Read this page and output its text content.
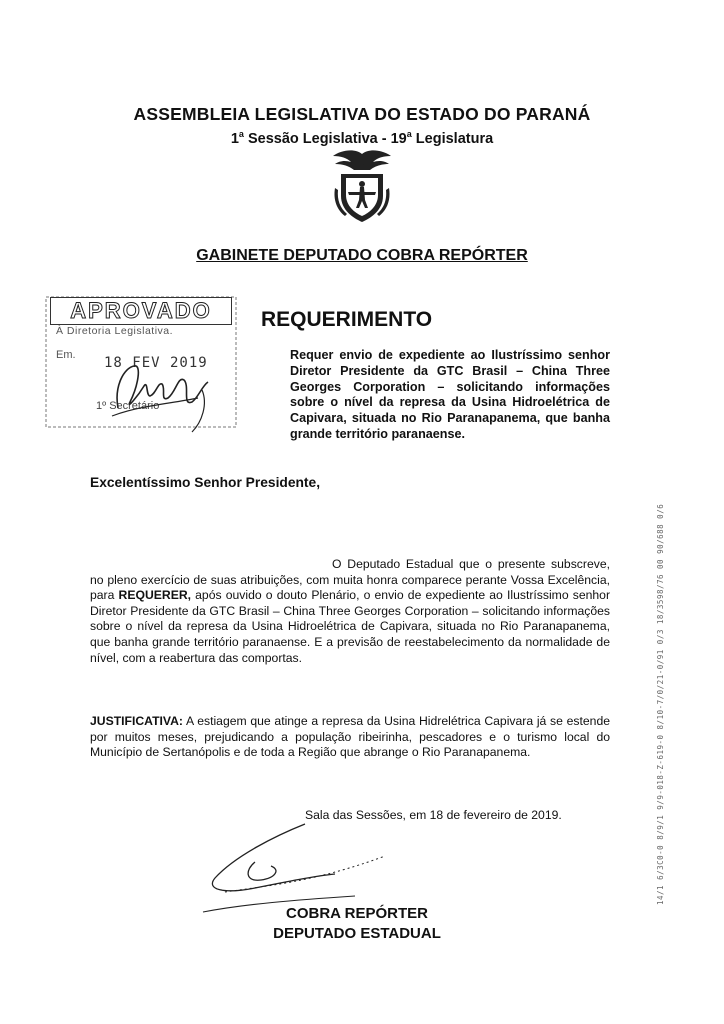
ASSEMBLEIA LEGISLATIVA DO ESTADO DO PARANÁ
1$^a$ Sessão Legislativa - 19$^a$ Legislatura
GABINETE DEPUTADO COBRA REPÓRTER
APROVADO
À Diretoria Legislativa.
Em. 18 FEV 2019
1º Secretário
REQUERIMENTO
Requer envio de expediente ao Ilustríssimo senhor Diretor Presidente da GTC Brasil – China Three Georges Corporation – solicitando informações sobre o nível da represa da Usina Hidroelétrica de Capivara, situada no Rio Paranapanema, que banha grande território paranaense.
Excelentíssimo Senhor Presidente,
O Deputado Estadual que o presente subscreve, no pleno exercício de suas atribuições, com muita honra comparece perante Vossa Excelência, para REQUERER, após ouvido o douto Plenário, o envio de expediente ao Ilustríssimo senhor Diretor Presidente da GTC Brasil – China Three Georges Corporation – solicitando informações sobre o nível da represa da Usina Hidroelétrica de Capivara, situada no Rio Paranapanema, que banha grande território paranaense. E a previsão de reestabelecimento da normalidade de nível, com a reabertura das comportas.
JUSTIFICATIVA: A estiagem que atinge a represa da Usina Hidrelétrica Capivara já se estende por muitos meses, prejudicando a população ribeirinha, pescadores e o turismo local do Município de Sertanópolis e de toda a Região que abrange o Rio Paranapanema.
Sala das Sessões, em 18 de fevereiro de 2019.
COBRA REPÓRTER
DEPUTADO ESTADUAL
14/1 6/3C0-0 8/9/1 9/9-018-Z-619-0 8/10-7/0/21-0/91 0/3 18/3598/76 00 90/688 0/6
